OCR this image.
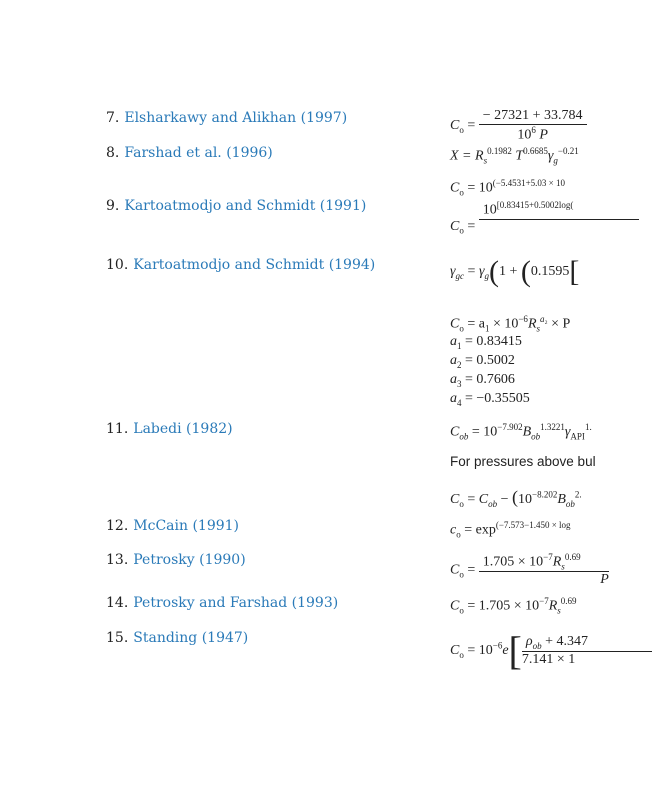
7. Elsharkawy and Alikhan (1997)
8. Farshad et al. (1996)
9. Kartoatmodjo and Schmidt (1991)
10. Kartoatmodjo and Schmidt (1994)
11. Labedi (1982)
12. McCain (1991)
13. Petrosky (1990)
14. Petrosky and Farshad (1993)
15. Standing (1947)
$C_o = \frac{- 27321 + 33.784}{10^6 P}$
$X = R_s^{0.1982}$ $T^{0.6685}\gamma_g^{-0.21}$
$C_o = 10^{(-5.4531+5.03 \times 10}$
$C_o$ =
$10^{[0.83415+0.5002log(}$

$\gamma_{gc} = \gamma_g(1 + (0.1595$[
$C_o = a_1 \times 10^{-6}R_s^{a_2} \times P$
$a_1 = 0.83415$
$a_2 = 0.5002$
$a_3 = 0.7606$
$a_4 = -0.35505$
$C_{ob} = 10^{-7.902}B_{ob}^{1.3221}\gamma_{API}^{1.}$
For pressures above bul
$C_o = C_{ob} - (10^{-8.202}B_{ob}^{2.}$
$c_o = \exp^{(-7.573-1.450 \times log}$
$C_o = \frac{1.705 \times 10^{-7}R_s^{0.69}}{P}$
$C_o = 1.705 \times 10^{-7}R_s^{0.69}$
$C_o = 10^{-6}e[ \frac{\rho_{ob} + 4.347}{7.141 \times 1}$
